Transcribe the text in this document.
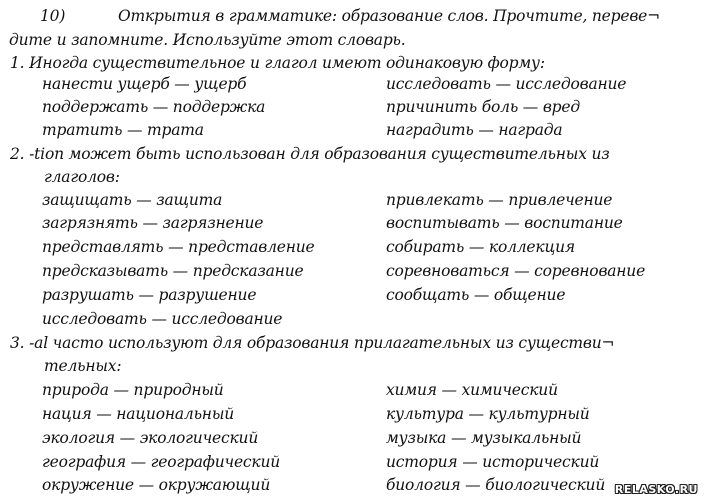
10)	Открытия в грамматике: образование слов. Прочтите, переве¬
дите и запомните. Используйте этот словарь.
1. Иногда существительное и глагол имеют одинаковую форму:
нанести ущерб — ущерб
поддержать — поддержка
тратить — трата
исследовать — исследование
причинить боль — вред
наградить — награда
2. -tion может быть использован для образования существительных из
глаголов:
защищать — защита
загрязнять — загрязнение
представлять — представление
предсказывать — предсказание
разрушать — разрушение
исследовать — исследование
привлекать — привлечение
воспитывать — воспитание
собирать — коллекция
соревноваться — соревнование
сообщать — общение
3. -al часто используют для образования прилагательных из существи¬
тельных:
природа — природный
нация — национальный
экология — экологический
география — географический
окружение — окружающий
химия — химический
культура — культурный
музыка — музыкальный
история — исторический
биология — биологический RELASKO.RU
